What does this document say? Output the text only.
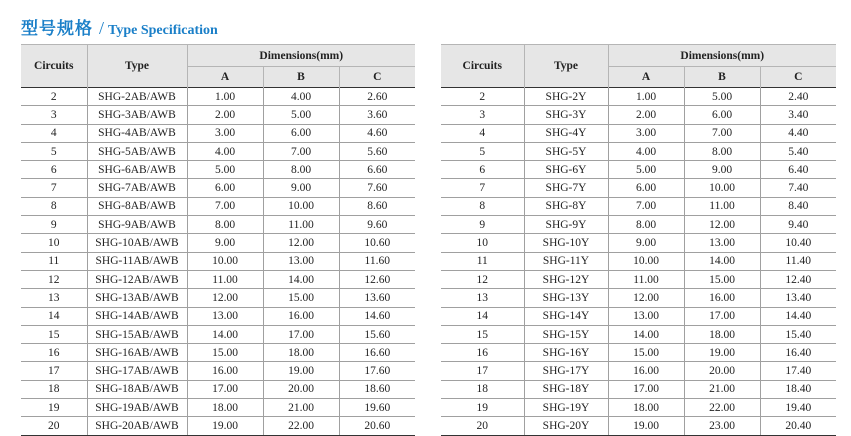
型号规格 / Type Specification
Circuits	Type	Dimensions(mm)		
		A	B	C
2	SHG-2AB/AWB	1.00	4.00	2.60
3	SHG-3AB/AWB	2.00	5.00	3.60
4	SHG-4AB/AWB	3.00	6.00	4.60
5	SHG-5AB/AWB	4.00	7.00	5.60
6	SHG-6AB/AWB	5.00	8.00	6.60
7	SHG-7AB/AWB	6.00	9.00	7.60
8	SHG-8AB/AWB	7.00	10.00	8.60
9	SHG-9AB/AWB	8.00	11.00	9.60
10	SHG-10AB/AWB	9.00	12.00	10.60
11	SHG-11AB/AWB	10.00	13.00	11.60
12	SHG-12AB/AWB	11.00	14.00	12.60
13	SHG-13AB/AWB	12.00	15.00	13.60
14	SHG-14AB/AWB	13.00	16.00	14.60
15	SHG-15AB/AWB	14.00	17.00	15.60
16	SHG-16AB/AWB	15.00	18.00	16.60
17	SHG-17AB/AWB	16.00	19.00	17.60
18	SHG-18AB/AWB	17.00	20.00	18.60
19	SHG-19AB/AWB	18.00	21.00	19.60
20	SHG-20AB/AWB	19.00	22.00	20.60
Circuits	Type	Dimensions(mm)		
		A	B	C
2	SHG-2Y	1.00	5.00	2.40
3	SHG-3Y	2.00	6.00	3.40
4	SHG-4Y	3.00	7.00	4.40
5	SHG-5Y	4.00	8.00	5.40
6	SHG-6Y	5.00	9.00	6.40
7	SHG-7Y	6.00	10.00	7.40
8	SHG-8Y	7.00	11.00	8.40
9	SHG-9Y	8.00	12.00	9.40
10	SHG-10Y	9.00	13.00	10.40
11	SHG-11Y	10.00	14.00	11.40
12	SHG-12Y	11.00	15.00	12.40
13	SHG-13Y	12.00	16.00	13.40
14	SHG-14Y	13.00	17.00	14.40
15	SHG-15Y	14.00	18.00	15.40
16	SHG-16Y	15.00	19.00	16.40
17	SHG-17Y	16.00	20.00	17.40
18	SHG-18Y	17.00	21.00	18.40
19	SHG-19Y	18.00	22.00	19.40
20	SHG-20Y	19.00	23.00	20.40
